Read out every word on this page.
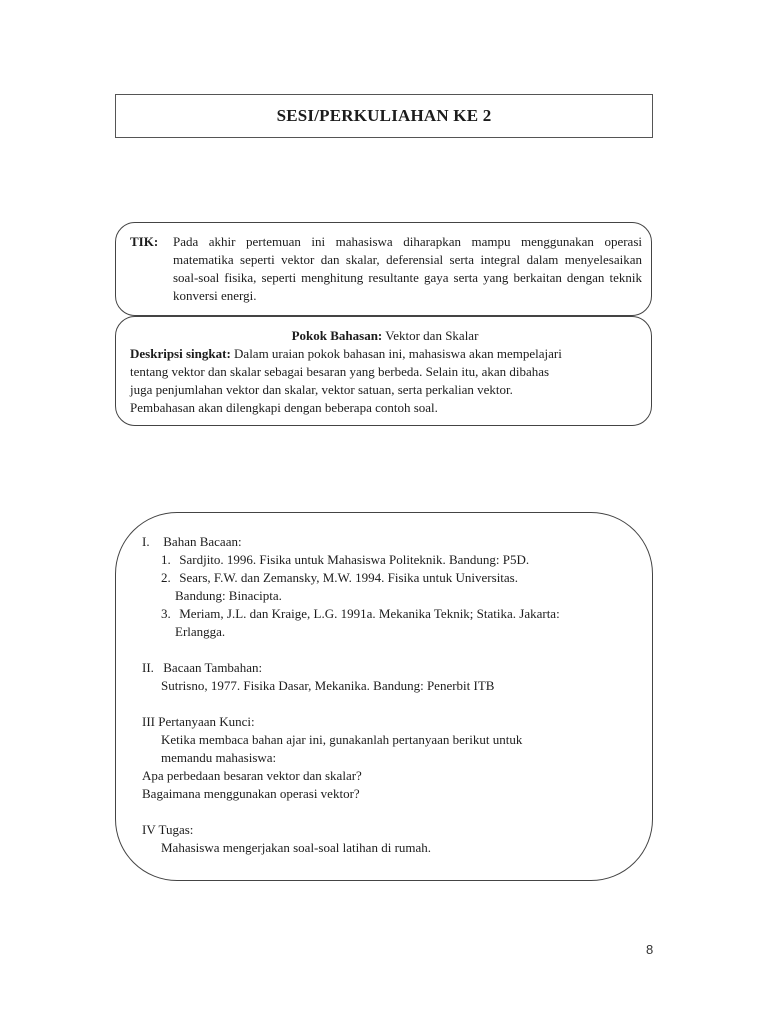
SESI/PERKULIAHAN KE 2
TIK: Pada akhir pertemuan ini mahasiswa diharapkan mampu menggunakan operasi matematika seperti vektor dan skalar, deferensial serta integral dalam menyelesaikan soal-soal fisika, seperti menghitung resultante gaya serta yang berkaitan dengan teknik konversi energi.
Pokok Bahasan: Vektor dan Skalar
Deskripsi singkat: Dalam uraian pokok bahasan ini, mahasiswa akan mempelajari
tentang vektor dan skalar sebagai besaran yang berbeda. Selain itu, akan dibahas
juga penjumlahan vektor dan skalar, vektor satuan, serta perkalian vektor.
Pembahasan akan dilengkapi dengan beberapa contoh soal.
I. Bahan Bacaan:
1. Sardjito. 1996. Fisika untuk Mahasiswa Politeknik. Bandung: P5D.
2. Sears, F.W. dan Zemansky, M.W. 1994. Fisika untuk Universitas.
Bandung: Binacipta.
3. Meriam, J.L. dan Kraige, L.G. 1991a. Mekanika Teknik; Statika. Jakarta:
Erlangga.
II. Bacaan Tambahan:
Sutrisno, 1977. Fisika Dasar, Mekanika. Bandung: Penerbit ITB
III Pertanyaan Kunci:
Ketika membaca bahan ajar ini, gunakanlah pertanyaan berikut untuk
memandu mahasiswa:
Apa perbedaan besaran vektor dan skalar?
Bagaimana menggunakan operasi vektor?
IV Tugas:
Mahasiswa mengerjakan soal-soal latihan di rumah.
8
